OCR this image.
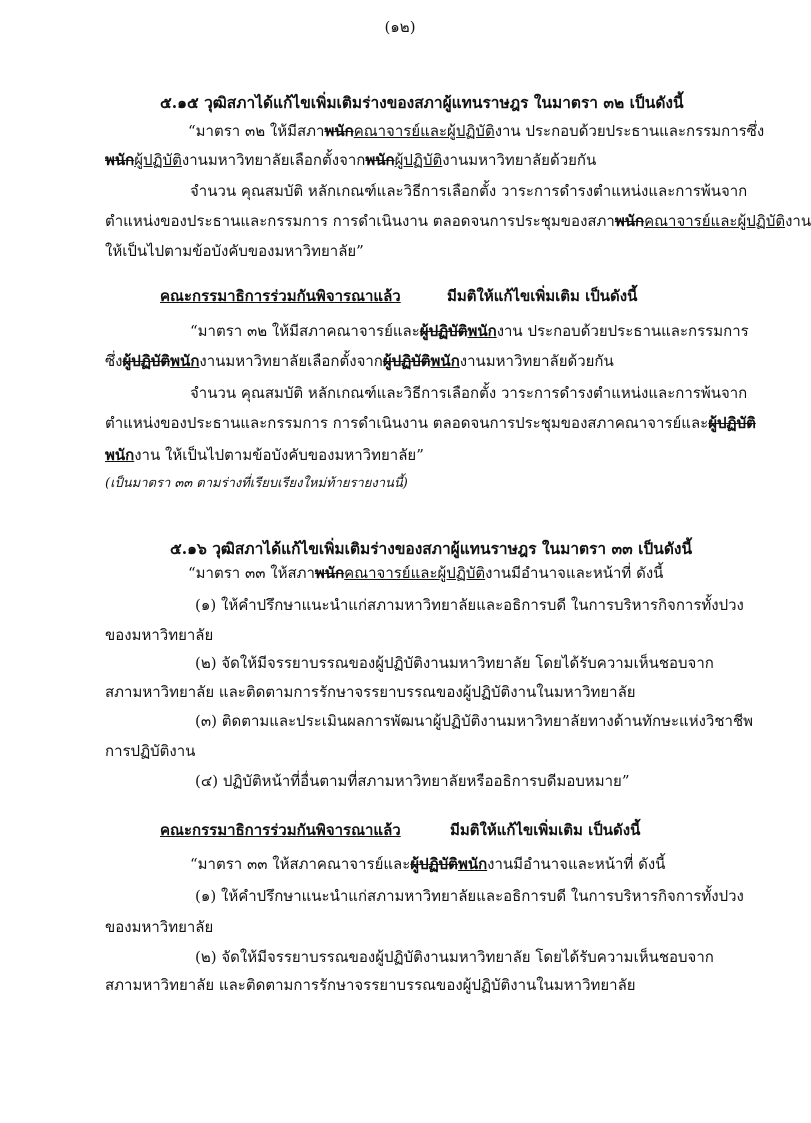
(๑๒)
๕.๑๕ วุฒิสภาได้แก้ไขเพิ่มเติมร่างของสภาผู้แทนราษฎร ในมาตรา ๓๒ เป็นดังนี้
“มาตรา ๓๒ ให้มีสภาพนักคณาจารย์และผู้ปฏิบัติงาน ประกอบด้วยประธานและกรรมการซึ่ง
พนักผู้ปฏิบัติงานมหาวิทยาลัยเลือกตั้งจากพนักผู้ปฏิบัติงานมหาวิทยาลัยด้วยกัน
จำนวน คุณสมบัติ หลักเกณฑ์และวิธีการเลือกตั้ง วาระการดำรงตำแหน่งและการพ้นจาก
ตำแหน่งของประธานและกรรมการ การดำเนินงาน ตลอดจนการประชุมของสภาพนักคณาจารย์และผู้ปฏิบัติงาน
ให้เป็นไปตามข้อบังคับของมหาวิทยาลัย”
คณะกรรมาธิการร่วมกันพิจารณาแล้ว	มีมติให้แก้ไขเพิ่มเติม เป็นดังนี้
“มาตรา ๓๒ ให้มีสภาคณาจารย์และผู้ปฏิบัติพนักงาน ประกอบด้วยประธานและกรรมการ
ซึ่งผู้ปฏิบัติพนักงานมหาวิทยาลัยเลือกตั้งจากผู้ปฏิบัติพนักงานมหาวิทยาลัยด้วยกัน
จำนวน คุณสมบัติ หลักเกณฑ์และวิธีการเลือกตั้ง วาระการดำรงตำแหน่งและการพ้นจาก
ตำแหน่งของประธานและกรรมการ การดำเนินงาน ตลอดจนการประชุมของสภาคณาจารย์และผู้ปฏิบัติ
พนักงาน ให้เป็นไปตามข้อบังคับของมหาวิทยาลัย”
(เป็นมาตรา ๓๓ ตามร่างที่เรียบเรียงใหม่ท้ายรายงานนี้)
๕.๑๖ วุฒิสภาได้แก้ไขเพิ่มเติมร่างของสภาผู้แทนราษฎร ในมาตรา ๓๓ เป็นดังนี้
“มาตรา ๓๓ ให้สภาพนักคณาจารย์และผู้ปฏิบัติงานมีอำนาจและหน้าที่ ดังนี้
(๑) ให้คำปรึกษาแนะนำแก่สภามหาวิทยาลัยและอธิการบดี ในการบริหารกิจการทั้งปวง
ของมหาวิทยาลัย
(๒) จัดให้มีจรรยาบรรณของผู้ปฏิบัติงานมหาวิทยาลัย โดยได้รับความเห็นชอบจาก
สภามหาวิทยาลัย และติดตามการรักษาจรรยาบรรณของผู้ปฏิบัติงานในมหาวิทยาลัย
(๓) ติดตามและประเมินผลการพัฒนาผู้ปฏิบัติงานมหาวิทยาลัยทางด้านทักษะแห่งวิชาชีพ
การปฏิบัติงาน
(๔) ปฏิบัติหน้าที่อื่นตามที่สภามหาวิทยาลัยหรืออธิการบดีมอบหมาย”
คณะกรรมาธิการร่วมกันพิจารณาแล้ว	มีมติให้แก้ไขเพิ่มเติม เป็นดังนี้
“มาตรา ๓๓ ให้สภาคณาจารย์และผู้ปฏิบัติพนักงานมีอำนาจและหน้าที่ ดังนี้
(๑) ให้คำปรึกษาแนะนำแก่สภามหาวิทยาลัยและอธิการบดี ในการบริหารกิจการทั้งปวง
ของมหาวิทยาลัย
(๒) จัดให้มีจรรยาบรรณของผู้ปฏิบัติงานมหาวิทยาลัย โดยได้รับความเห็นชอบจาก
สภามหาวิทยาลัย และติดตามการรักษาจรรยาบรรณของผู้ปฏิบัติงานในมหาวิทยาลัย
